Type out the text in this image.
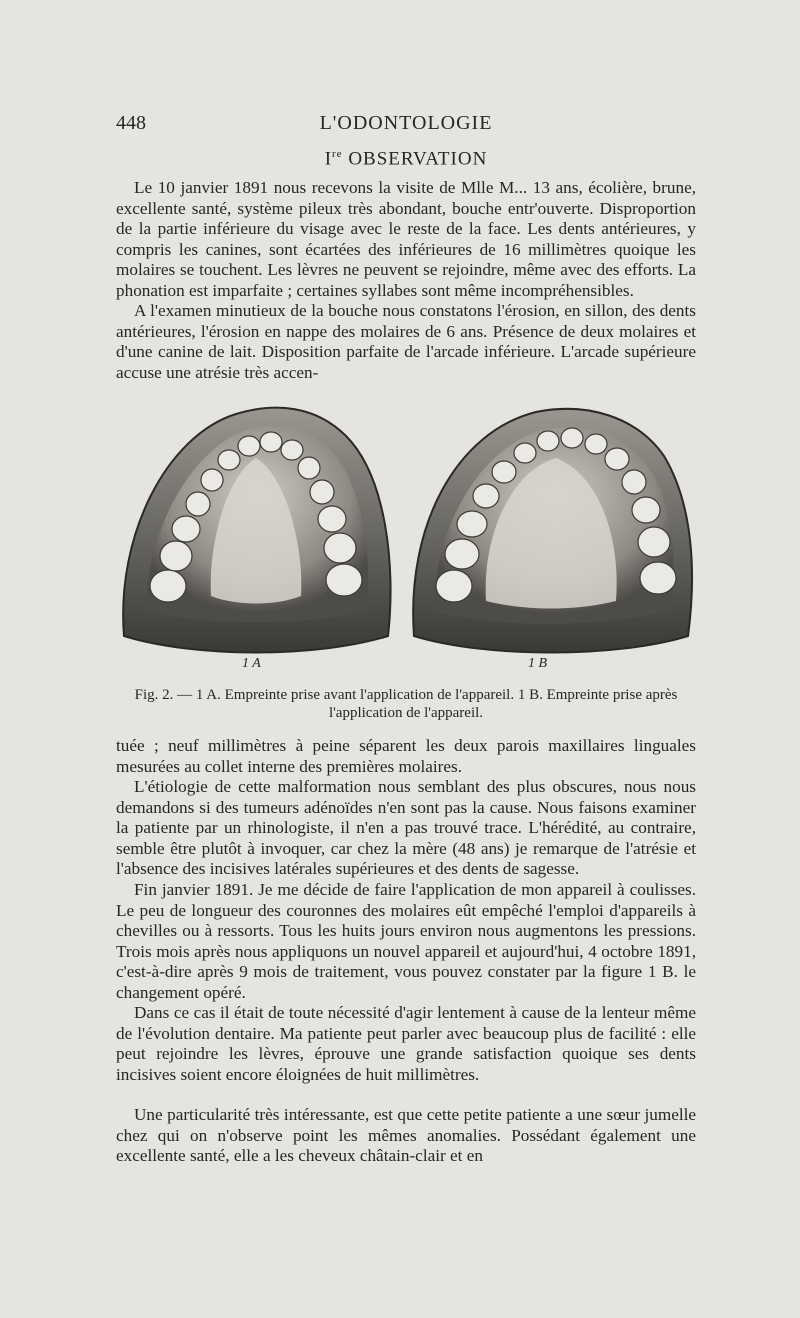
448	L'ODONTOLOGIE
Ire OBSERVATION

Le 10 janvier 1891 nous recevons la visite de Mlle M... 13 ans, écolière, brune, excellente santé, système pileux très abondant, bouche entr'ouverte. Disproportion de la partie inférieure du visage avec le reste de la face. Les dents antérieures, y compris les canines, sont écartées des inférieures de 16 millimètres quoique les molaires se touchent. Les lèvres ne peuvent se rejoindre, même avec des efforts. La phonation est imparfaite ; certaines syllabes sont même incompréhensibles.

A l'examen minutieux de la bouche nous constatons l'érosion, en sillon, des dents antérieures, l'érosion en nappe des molaires de 6 ans. Présence de deux molaires et d'une canine de lait. Disposition parfaite de l'arcade inférieure. L'arcade supérieure accuse une atrésie très accen-

1 A	1 B
Fig. 2. — 1 A. Empreinte prise avant l'application de l'appareil. 1 B. Empreinte prise après l'application de l'appareil.

tuée ; neuf millimètres à peine séparent les deux parois maxillaires linguales mesurées au collet interne des premières molaires.

L'étiologie de cette malformation nous semblant des plus obscures, nous nous demandons si des tumeurs adénoïdes n'en sont pas la cause. Nous faisons examiner la patiente par un rhinologiste, il n'en a pas trouvé trace. L'hérédité, au contraire, semble être plutôt à invoquer, car chez la mère (48 ans) je remarque de l'atrésie et l'absence des incisives latérales supérieures et des dents de sagesse.

Fin janvier 1891. Je me décide de faire l'application de mon appareil à coulisses. Le peu de longueur des couronnes des molaires eût empêché l'emploi d'appareils à chevilles ou à ressorts. Tous les huits jours environ nous augmentons les pressions. Trois mois après nous appliquons un nouvel appareil et aujourd'hui, 4 octobre 1891, c'est-à-dire après 9 mois de traitement, vous pouvez constater par la figure 1 B. le changement opéré.

Dans ce cas il était de toute nécessité d'agir lentement à cause de la lenteur même de l'évolution dentaire. Ma patiente peut parler avec beaucoup plus de facilité : elle peut rejoindre les lèvres, éprouve une grande satisfaction quoique ses dents incisives soient encore éloignées de huit millimètres.

Une particularité très intéressante, est que cette petite patiente a une sœur jumelle chez qui on n'observe point les mêmes anomalies. Possédant également une excellente santé, elle a les cheveux châtain-clair et en
